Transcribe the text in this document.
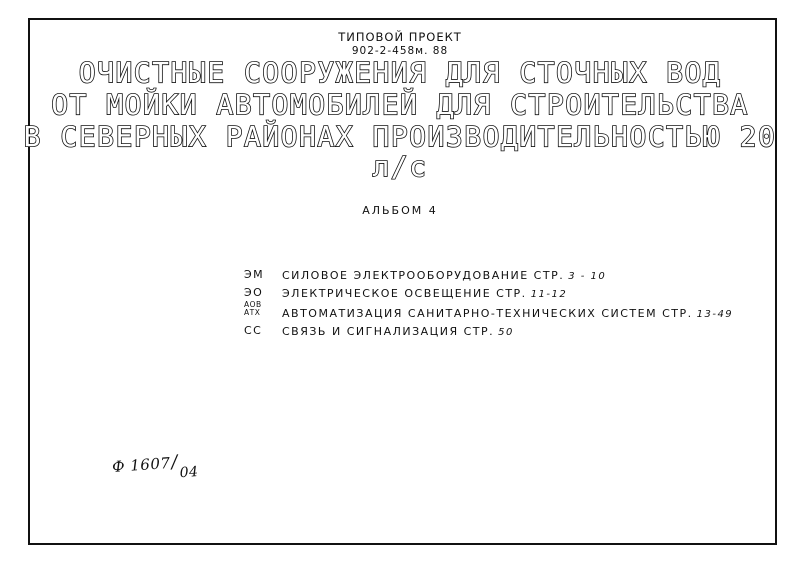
ТИПОВОЙ ПРОЕКТ
902-2-458м. 88
ОЧИСТНЫЕ СООРУЖЕНИЯ ДЛЯ СТОЧНЫХ ВОД
ОТ МОЙКИ АВТОМОБИЛЕЙ ДЛЯ СТРОИТЕЛЬСТВА
В СЕВЕРНЫХ РАЙОНАХ ПРОИЗВОДИТЕЛЬНОСТЬЮ 20 л/с
АЛЬБОМ 4
ЭМ	СИЛОВОЕ ЭЛЕКТРООБОРУДОВАНИЕ СТР. 3 - 10
ЭО	ЭЛЕКТРИЧЕСКОЕ ОСВЕЩЕНИЕ СТР. 11-12
АОВ
АТХ	АВТОМАТИЗАЦИЯ САНИТАРНО-ТЕХНИЧЕСКИХ СИСТЕМ СТР. 13-49
СС	СВЯЗЬ И СИГНАЛИЗАЦИЯ СТР. 50
Ф 1607/04
